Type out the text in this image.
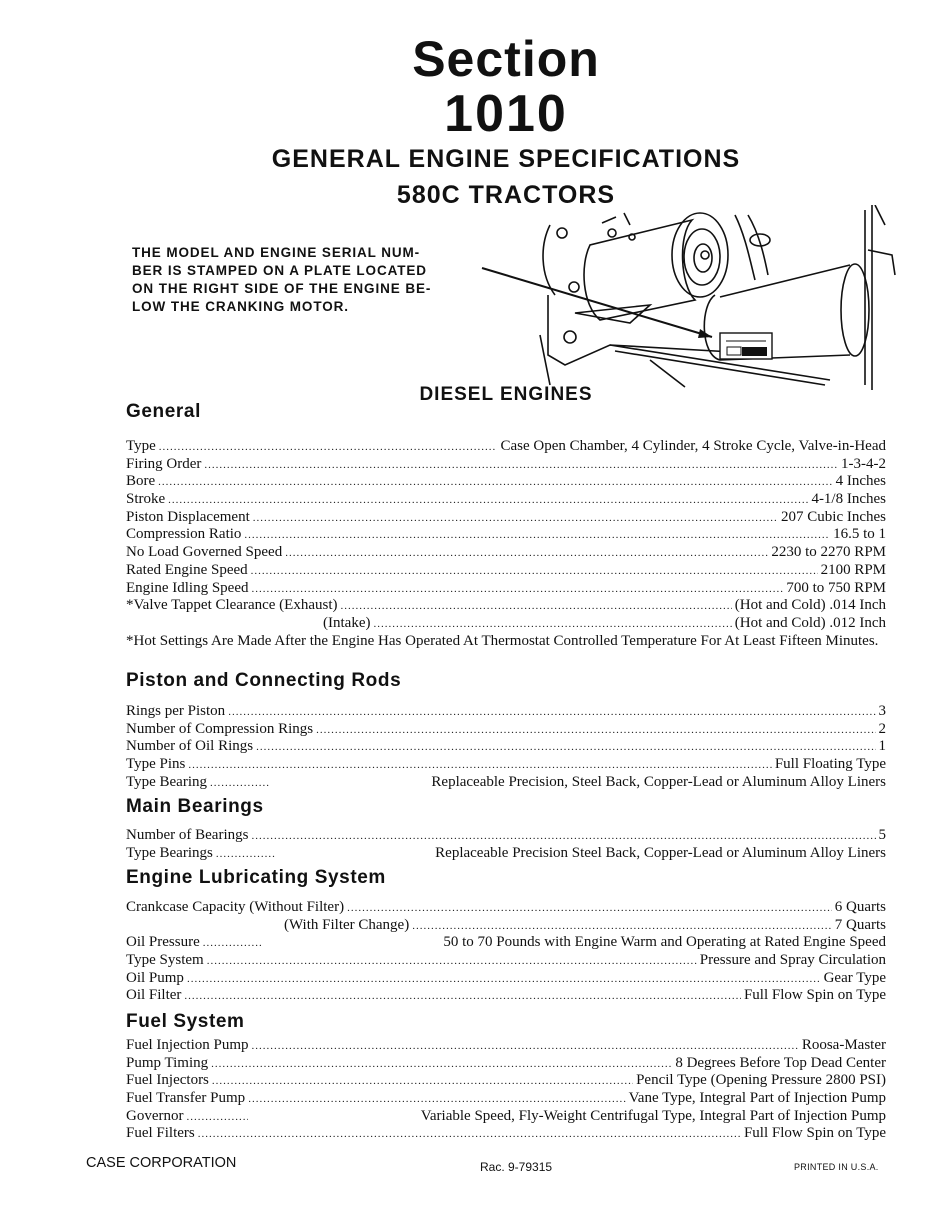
Section
1010
GENERAL ENGINE SPECIFICATIONS
580C TRACTORS
THE MODEL AND ENGINE SERIAL NUM-
BER IS STAMPED ON A PLATE LOCATED
ON THE RIGHT SIDE OF THE ENGINE BE-
LOW THE CRANKING MOTOR.
DIESEL ENGINES
General
Type .....	Case Open Chamber, 4 Cylinder, 4 Stroke Cycle, Valve-in-Head
Firing Order .....	1-3-4-2
Bore .....	4 Inches
Stroke .....	4-1/8 Inches
Piston Displacement .....	207 Cubic Inches
Compression Ratio .....	16.5 to 1
No Load Governed Speed .....	2230 to 2270 RPM
Rated Engine Speed .....	2100 RPM
Engine Idling Speed .....	700 to 750 RPM
*Valve Tappet Clearance (Exhaust) .....	(Hot and Cold) .014 Inch
(Intake) .....	(Hot and Cold) .012 Inch
*Hot Settings Are Made After the Engine Has Operated At Thermostat Controlled Temperature For At Least Fifteen Minutes.
Piston and Connecting Rods
Rings per Piston .....	3
Number of Compression Rings .....	2
Number of Oil Rings .....	1
Type Pins .....	Full Floating Type
Type Bearing .....	Replaceable Precision, Steel Back, Copper-Lead or Aluminum Alloy Liners
Main Bearings
Number of Bearings .....	5
Type Bearings .....	Replaceable Precision Steel Back, Copper-Lead or Aluminum Alloy Liners
Engine Lubricating System
Crankcase Capacity (Without Filter) .....	6 Quarts
(With Filter Change) .....	7 Quarts
Oil Pressure .....	50 to 70 Pounds with Engine Warm and Operating at Rated Engine Speed
Type System .....	Pressure and Spray Circulation
Oil Pump .....	Gear Type
Oil Filter .....	Full Flow Spin on Type
Fuel System
Fuel Injection Pump .....	Roosa-Master
Pump Timing .....	8 Degrees Before Top Dead Center
Fuel Injectors .....	Pencil Type (Opening Pressure 2800 PSI)
Fuel Transfer Pump .....	Vane Type, Integral Part of Injection Pump
Governor .....	Variable Speed, Fly-Weight Centrifugal Type, Integral Part of Injection Pump
Fuel Filters .....	Full Flow Spin on Type
CASE CORPORATION	Rac. 9-79315	PRINTED IN U.S.A.
